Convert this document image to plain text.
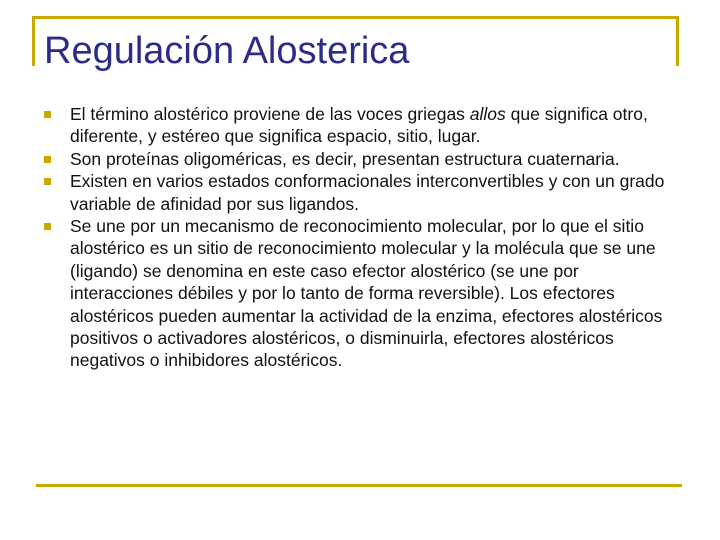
Regulación Alosterica
El término alostérico proviene de las voces griegas allos que significa otro, diferente, y estéreo que significa espacio, sitio, lugar.
Son proteínas oligoméricas, es decir, presentan estructura cuaternaria.
Existen en varios estados conformacionales interconvertibles y con un grado variable de afinidad por sus ligandos.
Se une por un mecanismo de reconocimiento molecular, por lo que el sitio alostérico es un sitio de reconocimiento molecular y la molécula que se une (ligando) se denomina en este caso efector alostérico (se une por interacciones débiles y por lo tanto de forma reversible). Los efectores alostéricos pueden aumentar la actividad de la enzima, efectores alostéricos positivos o activadores alostéricos, o disminuirla, efectores alostéricos negativos o inhibidores alostéricos.
